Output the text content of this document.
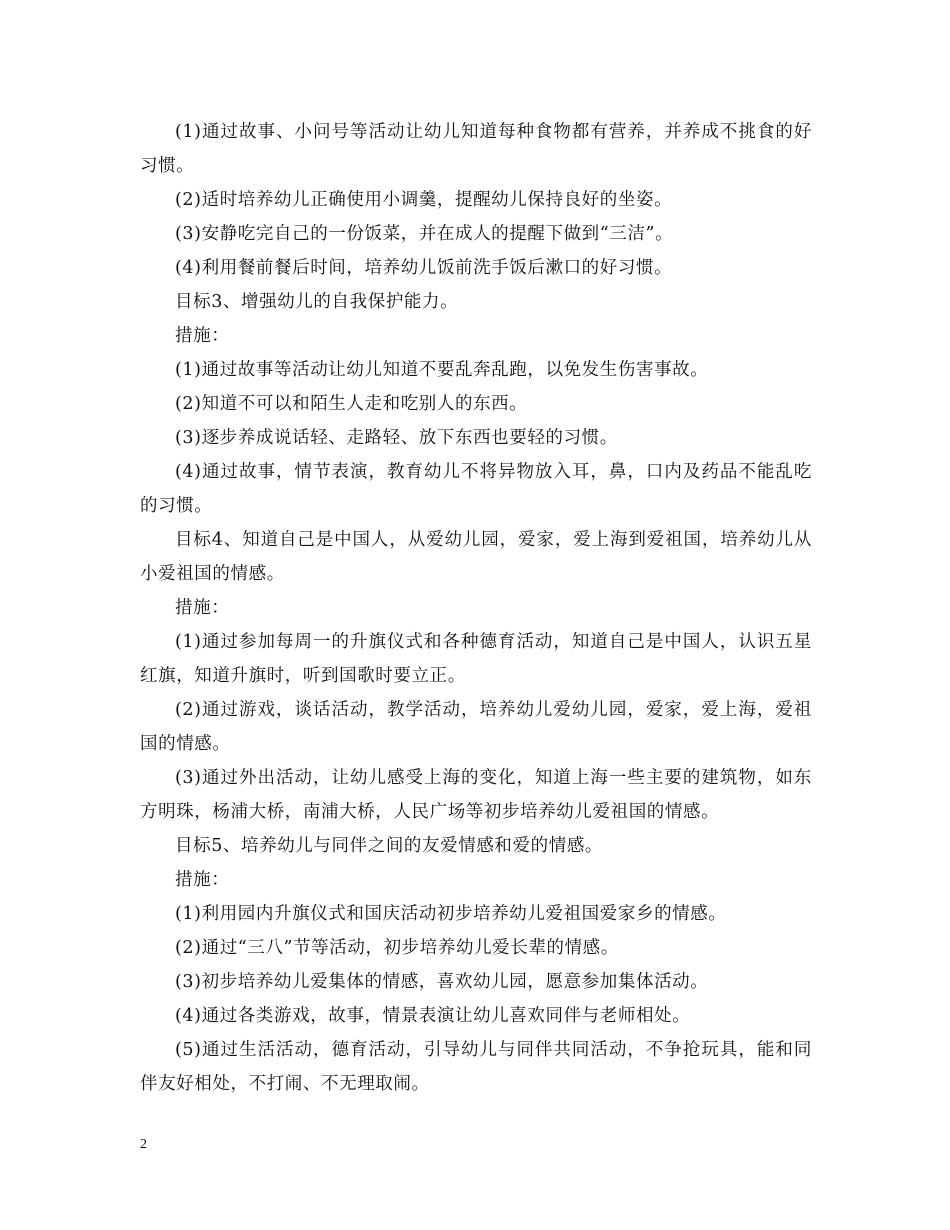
(1)通过故事、小问号等活动让幼儿知道每种食物都有营养，并养成不挑食的好习惯。

(2)适时培养幼儿正确使用小调羹，提醒幼儿保持良好的坐姿。

(3)安静吃完自己的一份饭菜，并在成人的提醒下做到“三洁”。

(4)利用餐前餐后时间，培养幼儿饭前洗手饭后漱口的好习惯。

目标3、增强幼儿的自我保护能力。

措施：

(1)通过故事等活动让幼儿知道不要乱奔乱跑，以免发生伤害事故。

(2)知道不可以和陌生人走和吃别人的东西。

(3)逐步养成说话轻、走路轻、放下东西也要轻的习惯。

(4)通过故事，情节表演，教育幼儿不将异物放入耳，鼻，口内及药品不能乱吃的习惯。

目标4、知道自己是中国人，从爱幼儿园，爱家，爱上海到爱祖国，培养幼儿从小爱祖国的情感。

措施：

(1)通过参加每周一的升旗仪式和各种德育活动，知道自己是中国人，认识五星红旗，知道升旗时，听到国歌时要立正。

(2)通过游戏，谈话活动，教学活动，培养幼儿爱幼儿园，爱家，爱上海，爱祖国的情感。

(3)通过外出活动，让幼儿感受上海的变化，知道上海一些主要的建筑物，如东方明珠，杨浦大桥，南浦大桥，人民广场等初步培养幼儿爱祖国的情感。

目标5、培养幼儿与同伴之间的友爱情感和爱的情感。

措施：

(1)利用园内升旗仪式和国庆活动初步培养幼儿爱祖国爱家乡的情感。

(2)通过“三八”节等活动，初步培养幼儿爱长辈的情感。

(3)初步培养幼儿爱集体的情感，喜欢幼儿园，愿意参加集体活动。

(4)通过各类游戏，故事，情景表演让幼儿喜欢同伴与老师相处。

(5)通过生活活动，德育活动，引导幼儿与同伴共同活动，不争抢玩具，能和同伴友好相处，不打闹、不无理取闹。

2
